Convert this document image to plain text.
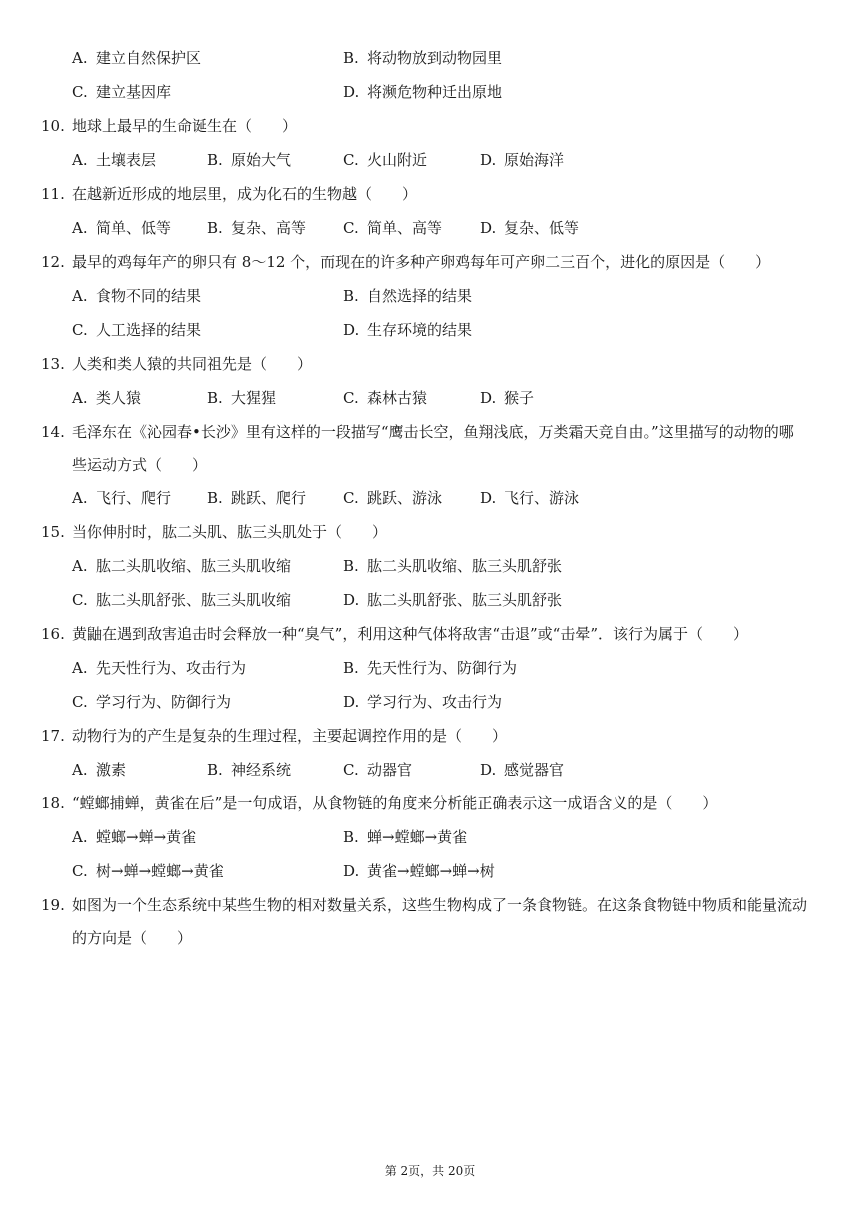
A. 建立自然保护区	B. 将动物放到动物园里
C. 建立基因库	D. 将濒危物种迁出原地
10. 地球上最早的生命诞生在（　　）
A. 土壤表层	B. 原始大气	C. 火山附近	D. 原始海洋
11. 在越新近形成的地层里，成为化石的生物越（　　）
A. 简单、低等 B. 复杂、高等 C. 简单、高等	D. 复杂、低等
12. 最早的鸡每年产的卵只有 8～12 个，而现在的许多种产卵鸡每年可产卵二三百个，进化的原因是（　　）
A. 食物不同的结果	B. 自然选择的结果
C. 人工选择的结果	D. 生存环境的结果
13. 人类和类人猿的共同祖先是（　　）
A. 类人猿	B. 大猩猩	C. 森林古猿	D. 猴子
14. 毛泽东在《沁园春•长沙》里有这样的一段描写“鹰击长空，鱼翔浅底，万类霜天竞自由。”这里描写的动物的哪
些运动方式（　　）
A. 飞行、爬行 B. 跳跃、爬行 C. 跳跃、游泳	D. 飞行、游泳
15. 当你伸肘时，肱二头肌、肱三头肌处于（　　）
A. 肱二头肌收缩、肱三头肌收缩	B. 肱二头肌收缩、肱三头肌舒张
C. 肱二头肌舒张、肱三头肌收缩	D. 肱二头肌舒张、肱三头肌舒张
16. 黄鼬在遇到敌害追击时会释放一种“臭气”，利用这种气体将敌害“击退”或“击晕”．该行为属于（　　）
A. 先天性行为、攻击行为	B. 先天性行为、防御行为
C. 学习行为、防御行为	D. 学习行为、攻击行为
17. 动物行为的产生是复杂的生理过程，主要起调控作用的是（　　）
A. 激素	B. 神经系统	C. 动器官	D. 感觉器官
18. “螳螂捕蝉，黄雀在后”是一句成语，从食物链的角度来分析能正确表示这一成语含义的是（　　）
A. 螳螂→蝉→黄雀	B. 蝉→螳螂→黄雀
C. 树→蝉→螳螂→黄雀	D. 黄雀→螳螂→蝉→树
19. 如图为一个生态系统中某些生物的相对数量关系，这些生物构成了一条食物链。在这条食物链中物质和能量流动
的方向是（　　）
第 2页，共 20页
